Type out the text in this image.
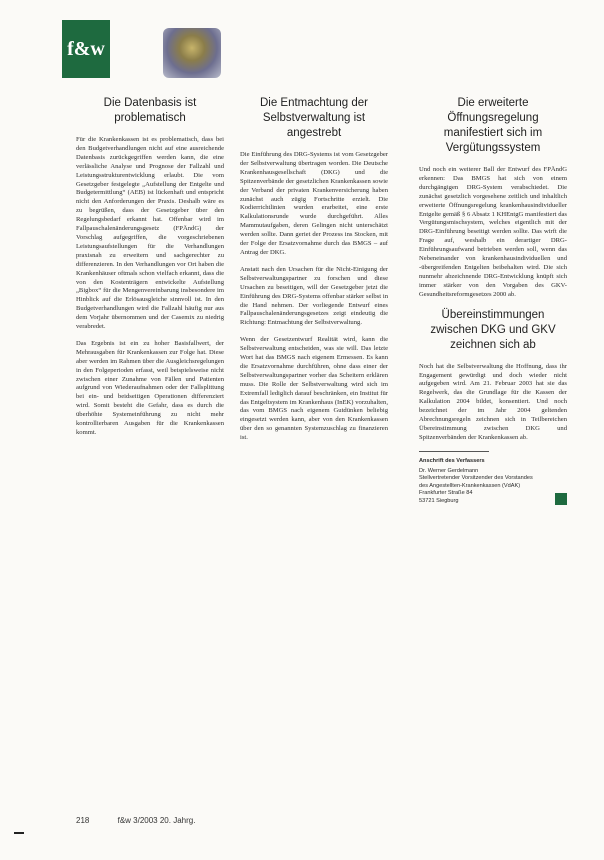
f&w
Die Datenbasis ist problematisch

Für die Krankenkassen ist es problematisch, dass bei den Budgetverhandlungen nicht auf eine ausreichende Datenbasis zurückgegriffen werden kann, die eine verlässliche Analyse und Prognose der Fallzahl und Leistungsstrukturentwicklung erlaubt. Die vom Gesetzgeber festgelegte „Aufstellung der Entgelte und Budgetermittlung“ (AEB) ist lückenhaft und entspricht nicht den Anforderungen der Praxis. Deshalb wäre es zu begrüßen, dass der Gesetzgeber über den Regelungsbedarf erkannt hat. Offenbar wird im Fallpauschalenänderungsgesetz (FPÄndG) der Vorschlag aufgegriffen, die vorgeschriebenen Leistungsaufstellungen für die Verhandlungen praxisnah zu erweitern und sachgerechter zu differenzieren. In den Verhandlungen vor Ort haben die Krankenhäuser oftmals schon vielfach erkannt, dass die von den Kostenträgern entwickelte Aufstellung „Bigbox“ für die Mengenvereinbarung insbesondere im Hinblick auf die Erlösausgleiche sinnvoll ist. In den Budgetverhandlungen wird die Fallzahl häufig nur aus dem Vorjahr übernommen und der Casemix zu niedrig verabredet.

Das Ergebnis ist ein zu hoher Basisfallwert, der Mehrausgaben für Krankenkassen zur Folge hat. Diese aber werden im Rahmen über die Ausgleichsregelungen in den Folgeperioden erfasst, weil beispielsweise nicht zwischen einer Zunahme von Fällen und Patienten aufgrund von Wiederaufnahmen oder der Fallsplittung bei ein- und beidseitigen Operationen differenziert wird. Somit besteht die Gefahr, dass es durch die überhöhte Systemeinführung zu nicht mehr kontrollierbaren Ausgaben für die Krankenkassen kommt.

Die Entmachtung der Selbstverwaltung ist angestrebt

Die Einführung des DRG-Systems ist vom Gesetzgeber der Selbstverwaltung übertragen worden. Die Deutsche Krankenhausgesellschaft (DKG) und die Spitzenverbände der gesetzlichen Krankenkassen sowie der Verband der privaten Krankenversicherung haben zunächst auch zügig Fortschritte erzielt. Die Kodierrichtlinien wurden erarbeitet, eine erste Kalkulationsrunde wurde durchgeführt. Alles Mammutaufgaben, deren Gelingen nicht unterschätzt werden sollte. Dann geriet der Prozess ins Stocken, mit der Folge der Ersatzvornahme durch das BMGS – auf Antrag der DKG.

Anstatt nach den Ursachen für die Nicht-Einigung der Selbstverwaltungspartner zu forschen und diese Ursachen zu beseitigen, will der Gesetzgeber jetzt die Einführung des DRG-Systems offenbar stärker selbst in die Hand nehmen. Der vorliegende Entwurf eines Fallpauschalenänderungsgesetzes zeigt eindeutig die Richtung: Entmachtung der Selbstverwaltung.

Wenn der Gesetzentwurf Realität wird, kann die Selbstverwaltung entscheiden, was sie will. Das letzte Wort hat das BMGS nach eigenem Ermessen. Es kann die Ersatzvornahme durchführen, ohne dass einer der Selbstverwaltungspartner vorher das Scheitern erklären muss. Die Rolle der Selbstverwaltung wird sich im Extremfall lediglich darauf beschränken, ein Institut für das Entgeltsystem im Krankenhaus (InEK) vorzuhalten, das vom BMGS nach eigenem Gutdünken beliebig eingesetzt werden kann, aber von den Krankenkassen über den so genannten Systemzuschlag zu finanzieren ist.

Die erweiterte Öffnungsregelung manifestiert sich im Vergütungssystem

Und noch ein weiterer Ball der Entwurf des FPÄndG erkennen: Das BMGS hat sich von einem durchgängigen DRG-System verabschiedet. Die zunächst gesetzlich vorgesehene zeitlich und inhaltlich erweiterte Öffnungsregelung krankenhausindividueller Entgelte gemäß § 6 Absatz 1 KHEntgG manifestiert das Vergütungsmischsystem, welches eigentlich mit der DRG-Einführung beseitigt werden sollte. Das wirft die Frage auf, weshalb ein derartiger DRG-Einführungsaufwand betrieben werden soll, wenn das Nebeneinander von krankenhausindividuellen und -übergreifenden Entgelten beibehalten wird. Die sich nunmehr abzeichnende DRG-Entwicklung knüpft sich immer stärker von den Vorgaben des GKV-Gesundheitsreformgesetzes 2000 ab.

Übereinstimmungen zwischen DKG und GKV zeichnen sich ab

Noch hat die Selbstverwaltung die Hoffnung, dass ihr Engagement gewürdigt und doch wieder nicht aufgegeben wird. Am 21. Februar 2003 hat sie das Regelwerk, das die Grundlage für die Kassen der Kalkulation 2004 bildet, konsentiert. Und noch bezeichnet der im Jahr 2004 geltenden Abrechnungsregeln zeichnen sich in Teilbereichen Übereinstimmung zwischen DKG und Spitzenverbänden der Krankenkassen ab.

Anschrift des Verfassers
Dr. Werner Gerdelmann
Stellvertretender Vorsitzender des Vorstandes
des Angestellten-Krankenkassen (VdAK)
Frankfurter Straße 84
53721 Siegburg
218	f&w 3/2003 20. Jahrg.
